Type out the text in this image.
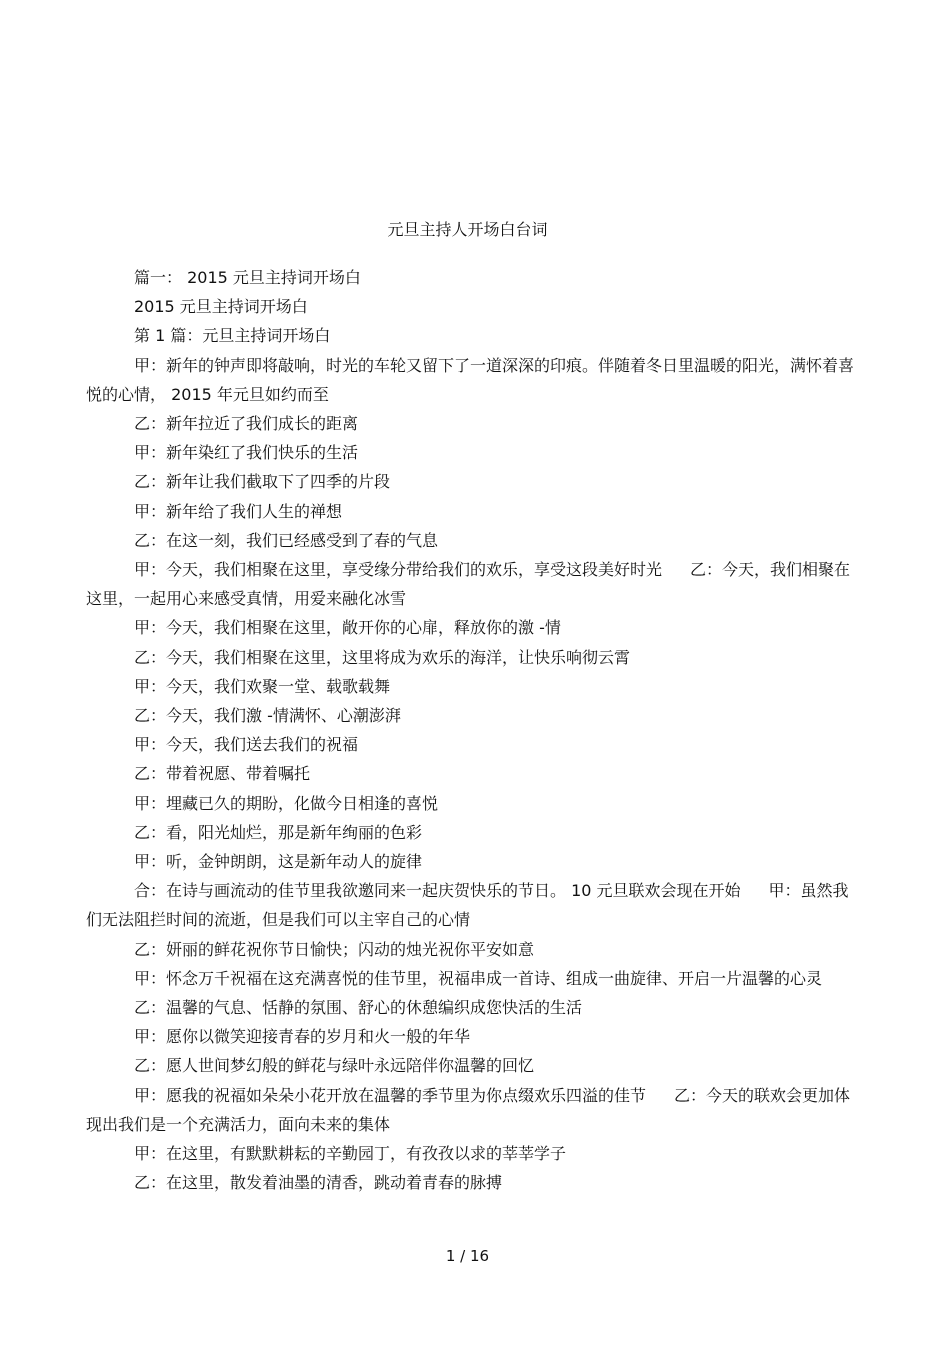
元旦主持人开场白台词

篇一： 2015 元旦主持词开场白

2015 元旦主持词开场白

第 1 篇：元旦主持词开场白

甲：新年的钟声即将敲响，时光的车轮又留下了一道深深的印痕。伴随着冬日里温暖的阳光，满怀着喜悦的心情， 2015 年元旦如约而至

乙：新年拉近了我们成长的距离

甲：新年染红了我们快乐的生活

乙：新年让我们截取下了四季的片段

甲：新年给了我们人生的禅想

乙：在这一刻，我们已经感受到了春的气息

甲：今天，我们相聚在这里，享受缘分带给我们的欢乐，享受这段美好时光 乙：今天，我们相聚在这里，一起用心来感受真情，用爱来融化冰雪

甲：今天，我们相聚在这里，敞开你的心扉，释放你的激 -情

乙：今天，我们相聚在这里，这里将成为欢乐的海洋，让快乐响彻云霄

甲：今天，我们欢聚一堂、载歌载舞

乙：今天，我们激 -情满怀、心潮澎湃

甲：今天，我们送去我们的祝福

乙：带着祝愿、带着嘱托

甲：埋藏已久的期盼，化做今日相逢的喜悦

乙：看，阳光灿烂，那是新年绚丽的色彩

甲：听，金钟朗朗，这是新年动人的旋律

合：在诗与画流动的佳节里我欲邀同来一起庆贺快乐的节日。 10 元旦联欢会现在开始 甲：虽然我们无法阻拦时间的流逝，但是我们可以主宰自己的心情

乙：妍丽的鲜花祝你节日愉快；闪动的烛光祝你平安如意

甲：怀念万千祝福在这充满喜悦的佳节里，祝福串成一首诗、组成一曲旋律、开启一片温馨的心灵

乙：温馨的气息、恬静的氛围、舒心的休憩编织成您快活的生活

甲：愿你以微笑迎接青春的岁月和火一般的年华

乙：愿人世间梦幻般的鲜花与绿叶永远陪伴你温馨的回忆

甲：愿我的祝福如朵朵小花开放在温馨的季节里为你点缀欢乐四溢的佳节 乙：今天的联欢会更加体现出我们是一个充满活力，面向未来的集体

甲：在这里，有默默耕耘的辛勤园丁，有孜孜以求的莘莘学子

乙：在这里，散发着油墨的清香，跳动着青春的脉搏

1 / 16
